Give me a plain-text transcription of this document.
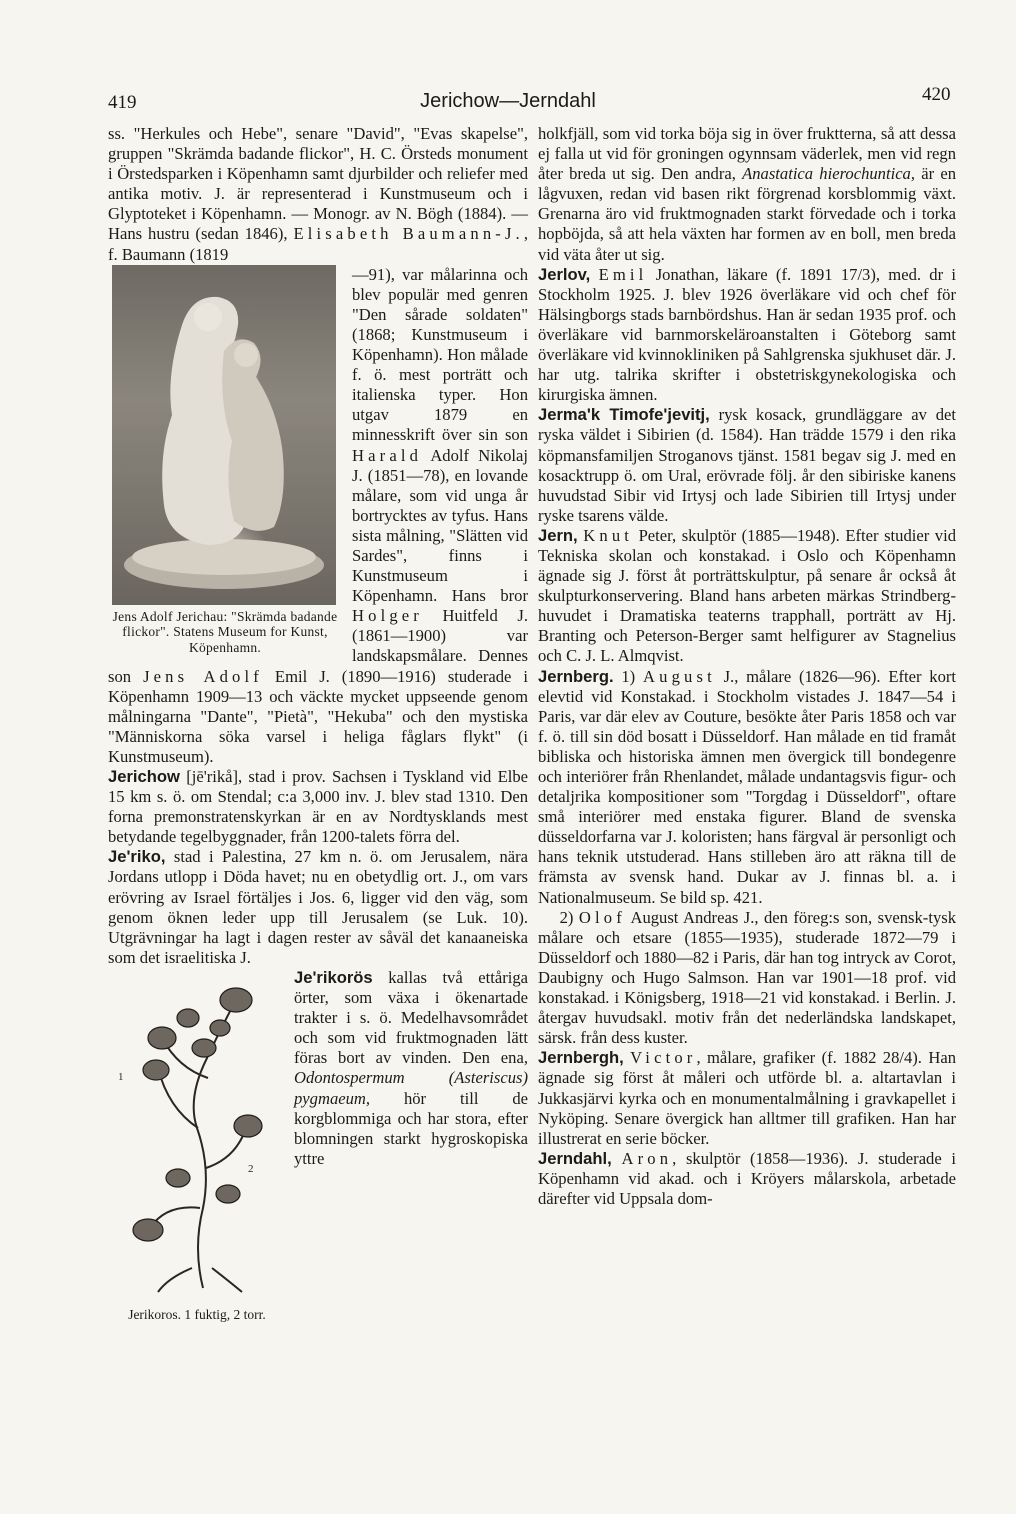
419	Jerichow—Jerndahl	420

ss. "Herkules och Hebe", senare "David", "Evas skapelse", gruppen "Skrämda badande flickor", H. C. Örsteds monument i Örstedsparken i Köpenhamn samt djurbilder och reliefer med antika motiv. J. är representerad i Kunstmuseum och i Glyptoteket i Köpenhamn. — Monogr. av N. Bögh (1884). — Hans hustru (sedan 1846), Elisabeth Baumann-J., f. Baumann (1819

Jens Adolf Jerichau: "Skrämda badande flickor". Statens Museum for Kunst, Köpenhamn.

—91), var målarinna och blev populär med genren "Den sårade soldaten" (1868; Kunstmuseum i Köpenhamn). Hon målade f. ö. mest porträtt och italienska typer. Hon utgav 1879 en minnesskrift över sin son Harald Adolf Nikolaj J. (1851—78), en lovande målare, som vid unga år bortrycktes av tyfus. Hans sista målning, "Slätten vid Sardes", finns i Kunstmuseum i Köpenhamn. Hans bror Holger Huitfeld J. (1861—1900) var landskapsmålare. Dennes son Jens Adolf Emil J. (1890—1916) studerade i Köpenhamn 1909—13 och väckte mycket uppseende genom målningarna "Dante", "Pietà", "Hekuba" och den mystiska "Människorna söka varsel i heliga fåglars flykt" (i Kunstmuseum).

Jerichow [jē'rikå], stad i prov. Sachsen i Tyskland vid Elbe 15 km s. ö. om Stendal; c:a 3,000 inv. J. blev stad 1310. Den forna premonstratenskyrkan är en av Nordtysklands mest betydande tegelbyggnader, från 1200-talets förra del.

Je'riko, stad i Palestina, 27 km n. ö. om Jerusalem, nära Jordans utlopp i Döda havet; nu en obetydlig ort. J., om vars erövring av Israel förtäljes i Jos. 6, ligger vid den väg, som genom öknen leder upp till Jerusalem (se Luk. 10). Utgrävningar ha lagt i dagen rester av såväl det kanaaneiska som det israelitiska J.

1
2
Jerikoros. 1 fuktig, 2 torr.

Je'rikorös kallas två ettåriga örter, som växa i ökenartade trakter i s. ö. Medelhavsområdet och som vid fruktmognaden lätt föras bort av vinden. Den ena, Odontospermum (Asteriscus) pygmaeum, hör till de korgblommiga och har stora, efter blomningen starkt hygroskopiska yttre

holkfjäll, som vid torka böja sig in över fruktterna, så att dessa ej falla ut vid för groningen ogynnsam väderlek, men vid regn åter breda ut sig. Den andra, Anastatica hierochuntica, är en lågvuxen, redan vid basen rikt förgrenad korsblommig växt. Grenarna äro vid fruktmognaden starkt förvedade och i torka hopböjda, så att hela växten har formen av en boll, men breda vid väta åter ut sig.

Jerlov, Emil Jonathan, läkare (f. 1891 17/3), med. dr i Stockholm 1925. J. blev 1926 överläkare vid och chef för Hälsingborgs stads barnbördshus. Han är sedan 1935 prof. och överläkare vid barnmorskeläroanstalten i Göteborg samt överläkare vid kvinnokliniken på Sahlgrenska sjukhuset där. J. har utg. talrika skrifter i obstetriskgynekologiska och kirurgiska ämnen.

Jerma'k Timofe'jevitj, rysk kosack, grundläggare av det ryska väldet i Sibirien (d. 1584). Han trädde 1579 i den rika köpmansfamiljen Stroganovs tjänst. 1581 begav sig J. med en kosacktrupp ö. om Ural, erövrade följ. år den sibiriske kanens huvudstad Sibir vid Irtysj och lade Sibirien till Irtysj under ryske tsarens välde.

Jern, Knut Peter, skulptör (1885—1948). Efter studier vid Tekniska skolan och konstakad. i Oslo och Köpenhamn ägnade sig J. först åt porträttskulptur, på senare år också åt skulpturkonservering. Bland hans arbeten märkas Strindberg-huvudet i Dramatiska teaterns trapphall, porträtt av Hj. Branting och Peterson-Berger samt helfigurer av Stagnelius och C. J. L. Almqvist.

Jernberg. 1) August J., målare (1826—96). Efter kort elevtid vid Konstakad. i Stockholm vistades J. 1847—54 i Paris, var där elev av Couture, besökte åter Paris 1858 och var f. ö. till sin död bosatt i Düsseldorf. Han målade en tid framåt bibliska och historiska ämnen men övergick till bondegenre och interiörer från Rhenlandet, målade undantagsvis figur- och detaljrika kompositioner som "Torgdag i Düsseldorf", oftare små interiörer med enstaka figurer. Bland de svenska düsseldorfarna var J. koloristen; hans färgval är personligt och hans teknik utstuderad. Hans stilleben äro att räkna till de främsta av svensk hand. Dukar av J. finnas bl. a. i Nationalmuseum. Se bild sp. 421.

2) Olof August Andreas J., den föreg:s son, svensk-tysk målare och etsare (1855—1935), studerade 1872—79 i Düsseldorf och 1880—82 i Paris, där han tog intryck av Corot, Daubigny och Hugo Salmson. Han var 1901—18 prof. vid konstakad. i Königsberg, 1918—21 vid konstakad. i Berlin. J. återgav huvudsakl. motiv från det nederländska landskapet, särsk. från dess kuster.

Jernbergh, Victor, målare, grafiker (f. 1882 28/4). Han ägnade sig först åt måleri och utförde bl. a. altartavlan i Jukkasjärvi kyrka och en monumentalmålning i gravkapellet i Nyköping. Senare övergick han alltmer till grafiken. Han har illustrerat en serie böcker.

Jerndahl, Aron, skulptör (1858—1936). J. studerade i Köpenhamn vid akad. och i Kröyers målarskola, arbetade därefter vid Uppsala dom-
